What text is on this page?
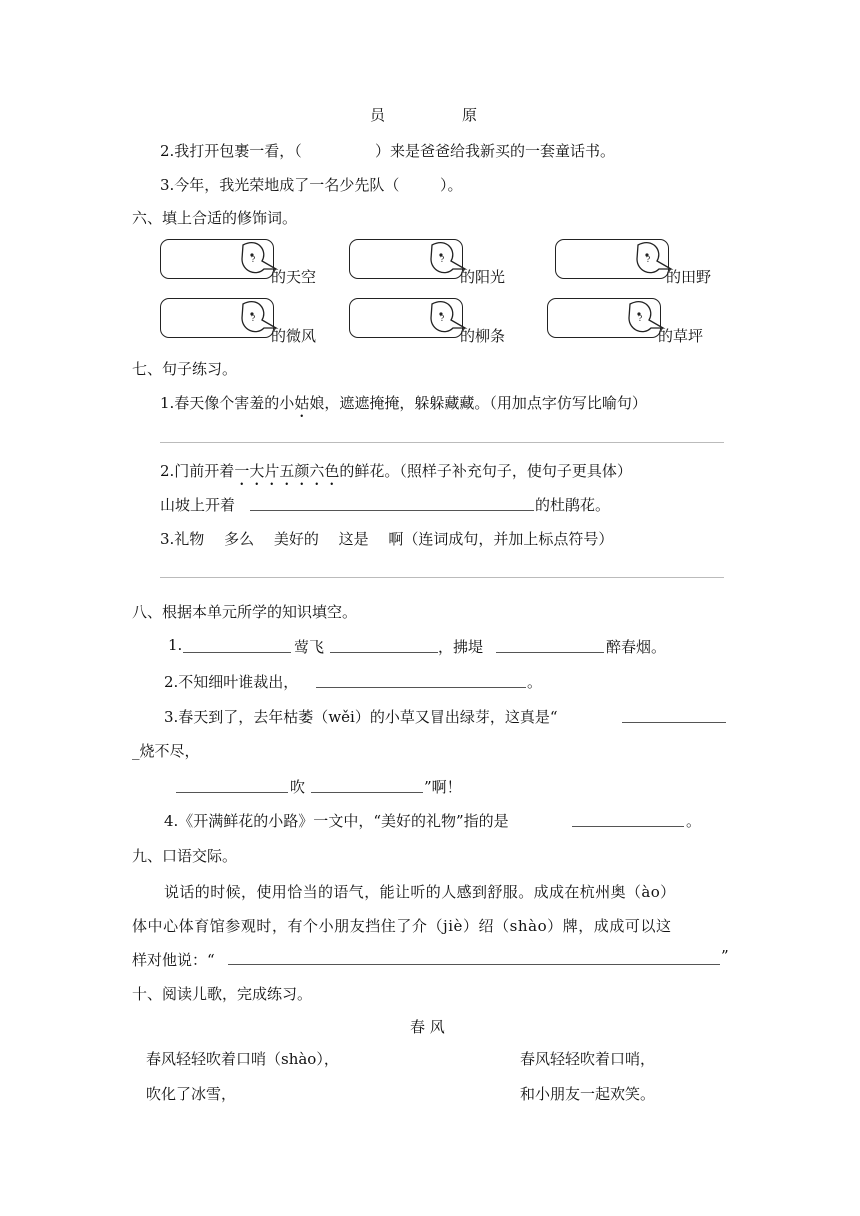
员	原
2.我打开包裹一看，（	）来是爸爸给我新买的一套童话书。
3.今年，我光荣地成了一名少先队（	）。
六、填上合适的修饰词。
?
的天空
?
的阳光
?
的田野
?
的微风
?
的柳条
?
的草坪
七、句子练习。
1.春天像个害羞的小姑娘，遮遮掩掩，躲躲藏藏。（用加点字仿写比喻句）
2.门前开着一大片五颜六色的鲜花。（照样子补充句子，使句子更具体）
山坡上开着	的杜鹃花。
3.礼物　 多么　 美好的　 这是　 啊（连词成句，并加上标点符号）
八、根据本单元所学的知识填空。
1.	莺飞	，拂堤	醉春烟。
2.不知细叶谁裁出，	。
3.春天到了，去年枯萎（wěi）的小草又冒出绿芽，这真是“
_烧不尽，
吹	”啊！
4.《开满鲜花的小路》一文中，“美好的礼物”指的是	。
九、口语交际。
说话的时候，使用恰当的语气，能让听的人感到舒服。成成在杭州奥（ào）
体中心体育馆参观时，有个小朋友挡住了介（jiè）绍（shào）牌，成成可以这
样对他说：“	”
十、阅读儿歌，完成练习。
春 风
春风轻轻吹着口哨（shào），
吹化了冰雪，
春风轻轻吹着口哨，
和小朋友一起欢笑。
